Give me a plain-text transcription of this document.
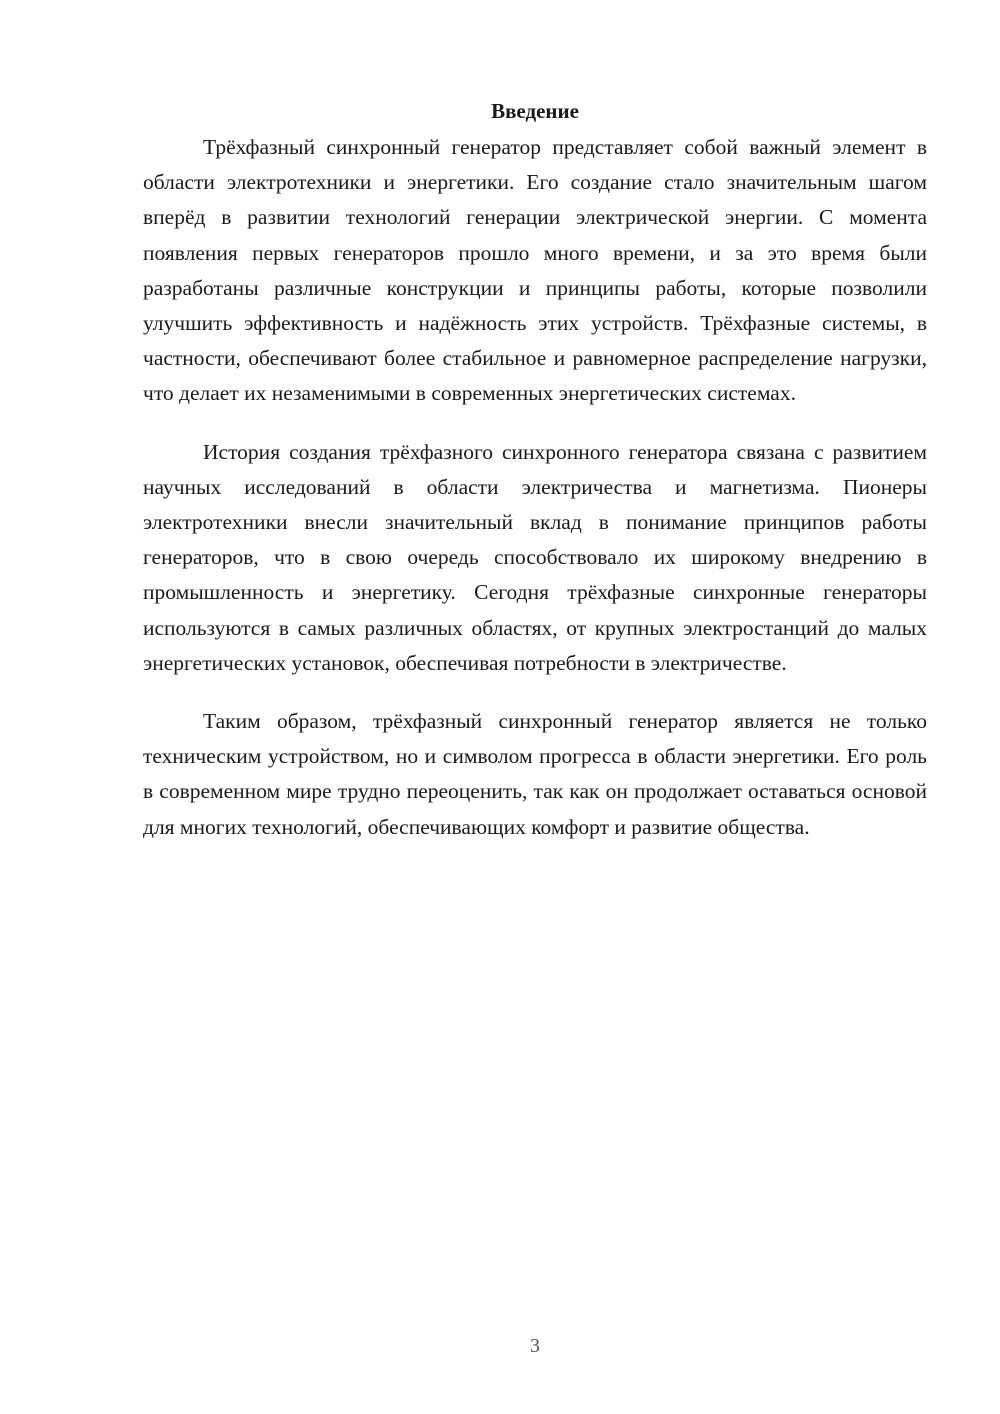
Введение

Трёхфазный синхронный генератор представляет собой важный элемент в области электротехники и энергетики. Его создание стало значительным шагом вперёд в развитии технологий генерации электрической энергии. С момента появления первых генераторов прошло много времени, и за это время были разработаны различные конструкции и принципы работы, которые позволили улучшить эффективность и надёжность этих устройств. Трёхфазные системы, в частности, обеспечивают более стабильное и равномерное распределение нагрузки, что делает их незаменимыми в современных энергетических системах.

История создания трёхфазного синхронного генератора связана с развитием научных исследований в области электричества и магнетизма. Пионеры электротехники внесли значительный вклад в понимание принципов работы генераторов, что в свою очередь способствовало их широкому внедрению в промышленность и энергетику. Сегодня трёхфазные синхронные генераторы используются в самых различных областях, от крупных электростанций до малых энергетических установок, обеспечивая потребности в электричестве.

Таким образом, трёхфазный синхронный генератор является не только техническим устройством, но и символом прогресса в области энергетики. Его роль в современном мире трудно переоценить, так как он продолжает оставаться основой для многих технологий, обеспечивающих комфорт и развитие общества.

3
